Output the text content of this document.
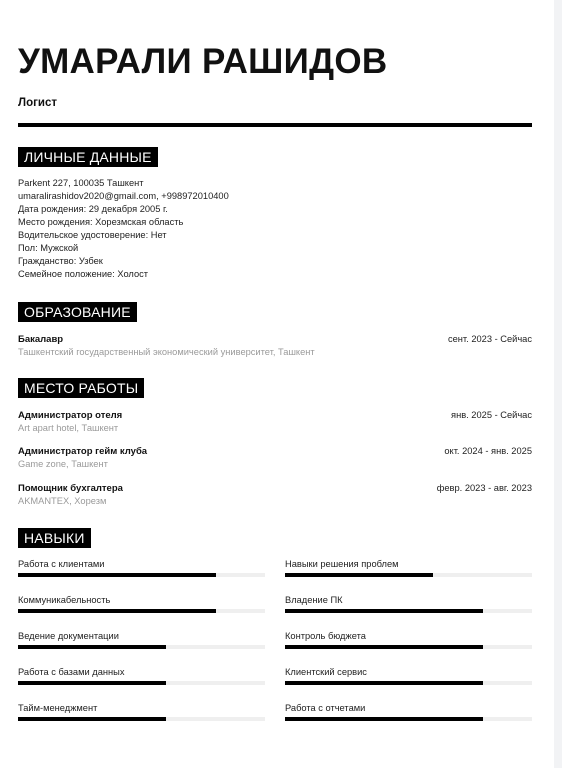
УМАРАЛИ РАШИДОВ
Логист
ЛИЧНЫЕ ДАННЫЕ
Parkent 227, 100035 Ташкент
umaralirashidov2020@gmail.com, +998972010400
Дата рождения: 29 декабря 2005 г.
Место рождения: Хорезмская область
Водительское удостоверение: Нет
Пол: Мужской
Гражданство: Узбек
Семейное положение: Холост
ОБРАЗОВАНИЕ
Бакалавр
Ташкентский государственный экономический университет, Ташкент
сент. 2023 - Сейчас
МЕСТО РАБОТЫ
Администратор отеля
Art apart hotel, Ташкент
янв. 2025 - Сейчас
Администратор гейм клуба
Game zone, Ташкент
окт. 2024 - янв. 2025
Помощник бухгалтера
AKMANTEX, Хорезм
февр. 2023 - авг. 2023
НАВЫКИ
Работа с клиентами	Навыки решения проблем
Коммуникабельность	Владение ПК
Ведение документации	Контроль бюджета
Работа с базами данных	Клиентский сервис
Тайм-менеджмент	Работа с отчетами
